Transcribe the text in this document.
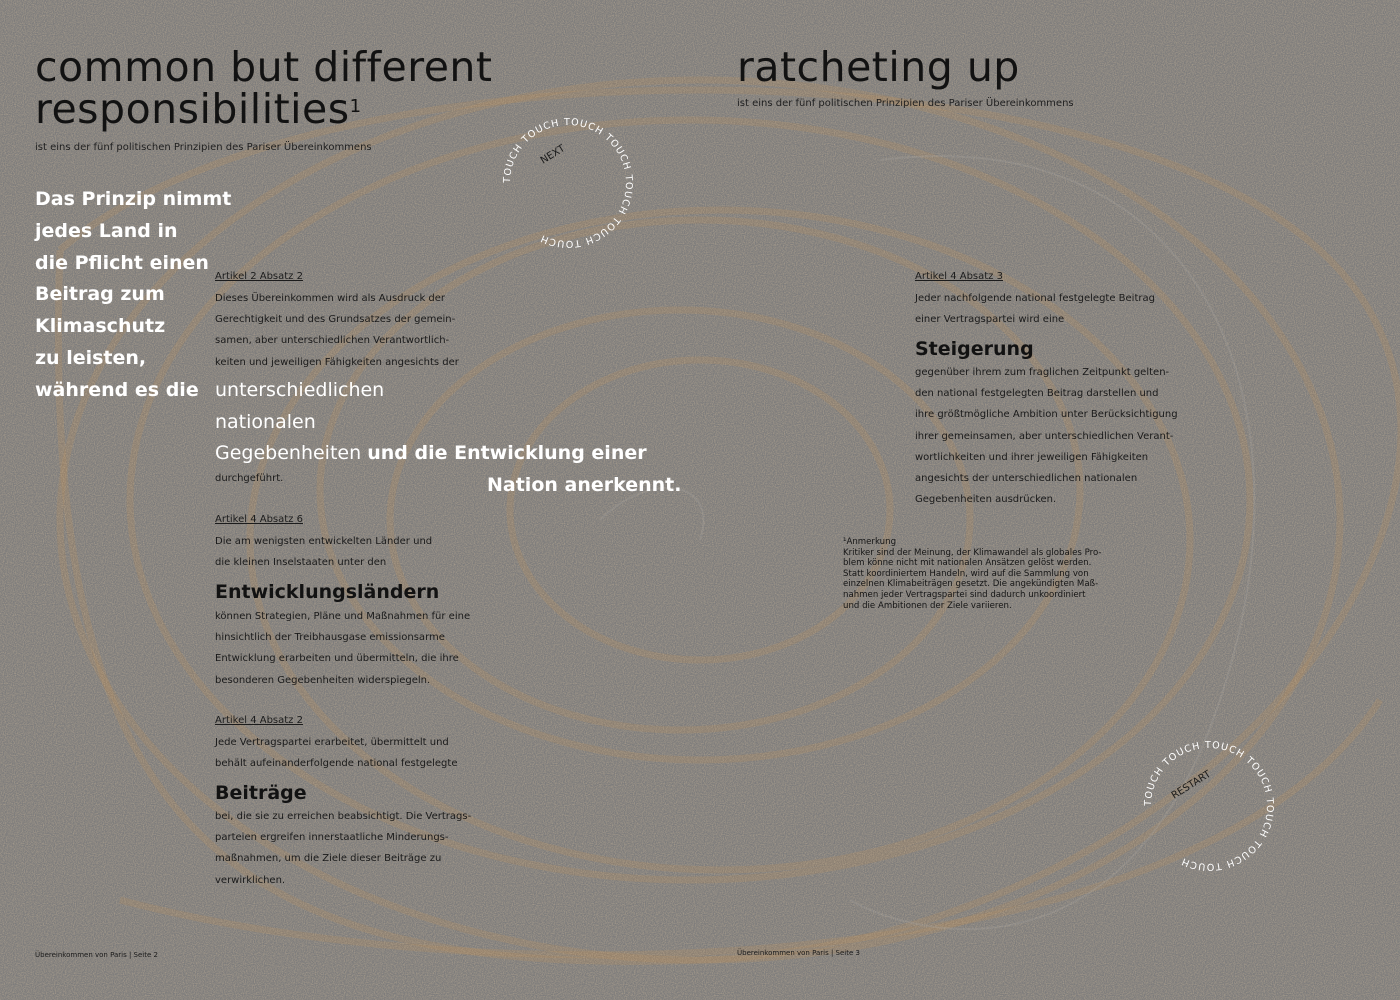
common but different
responsibilities$^1$
ist eins der fünf politischen Prinzipien des Pariser Übereinkommens
Das Prinzip nimmt
jedes Land in
die Pflicht einen
Beitrag zum
Klimaschutz
zu leisten,
während es die
Artikel 2 Absatz 2
Dieses Übereinkommen wird als Ausdruck der
Gerechtigkeit und des Grundsatzes der gemein-
samen, aber unterschiedlichen Verantwortlich-
keiten und jeweiligen Fähigkeiten angesichts der
unterschiedlichen
nationalen
Gegebenheiten und die Entwicklung einer
durchgeführt.	Nation anerkennt.
Artikel 4 Absatz 6
Die am wenigsten entwickelten Länder und
die kleinen Inselstaaten unter den
Entwicklungsländern
können Strategien, Pläne und Maßnahmen für eine
hinsichtlich der Treibhausgase emissionsarme
Entwicklung erarbeiten und übermitteln, die ihre
besonderen Gegebenheiten widerspiegeln.
Artikel 4 Absatz 2
Jede Vertragspartei erarbeitet, übermittelt und
behält aufeinanderfolgende national festgelegte
Beiträge
bei, die sie zu erreichen beabsichtigt. Die Vertrags-
parteien ergreifen innerstaatliche Minderungs-
maßnahmen, um die Ziele dieser Beiträge zu
verwirklichen.
Übereinkommen von Paris | Seite 2
TOUCH TOUCH TOUCH TOUCH TOUCH TOUCH TOUCH
NEXT
ratcheting up
ist eins der fünf politischen Prinzipien des Pariser Übereinkommens
Artikel 4 Absatz 3
Jeder nachfolgende national festgelegte Beitrag
einer Vertragspartei wird eine
Steigerung
gegenüber ihrem zum fraglichen Zeitpunkt gelten-
den national festgelegten Beitrag darstellen und
ihre größtmögliche Ambition unter Berücksichtigung
ihrer gemeinsamen, aber unterschiedlichen Verant-
wortlichkeiten und ihrer jeweiligen Fähigkeiten
angesichts der unterschiedlichen nationalen
Gegebenheiten ausdrücken.
¹Anmerkung
Kritiker sind der Meinung, der Klimawandel als globales Pro-
blem könne nicht mit nationalen Ansätzen gelöst werden.
Statt koordiniertem Handeln, wird auf die Sammlung von
einzelnen Klimabeiträgen gesetzt. Die angekündigten Maß-
nahmen jeder Vertragspartei sind dadurch unkoordiniert
und die Ambitionen der Ziele variieren.
Übereinkommen von Paris | Seite 3
TOUCH TOUCH TOUCH TOUCH TOUCH TOUCH TOUCH
RESTART
